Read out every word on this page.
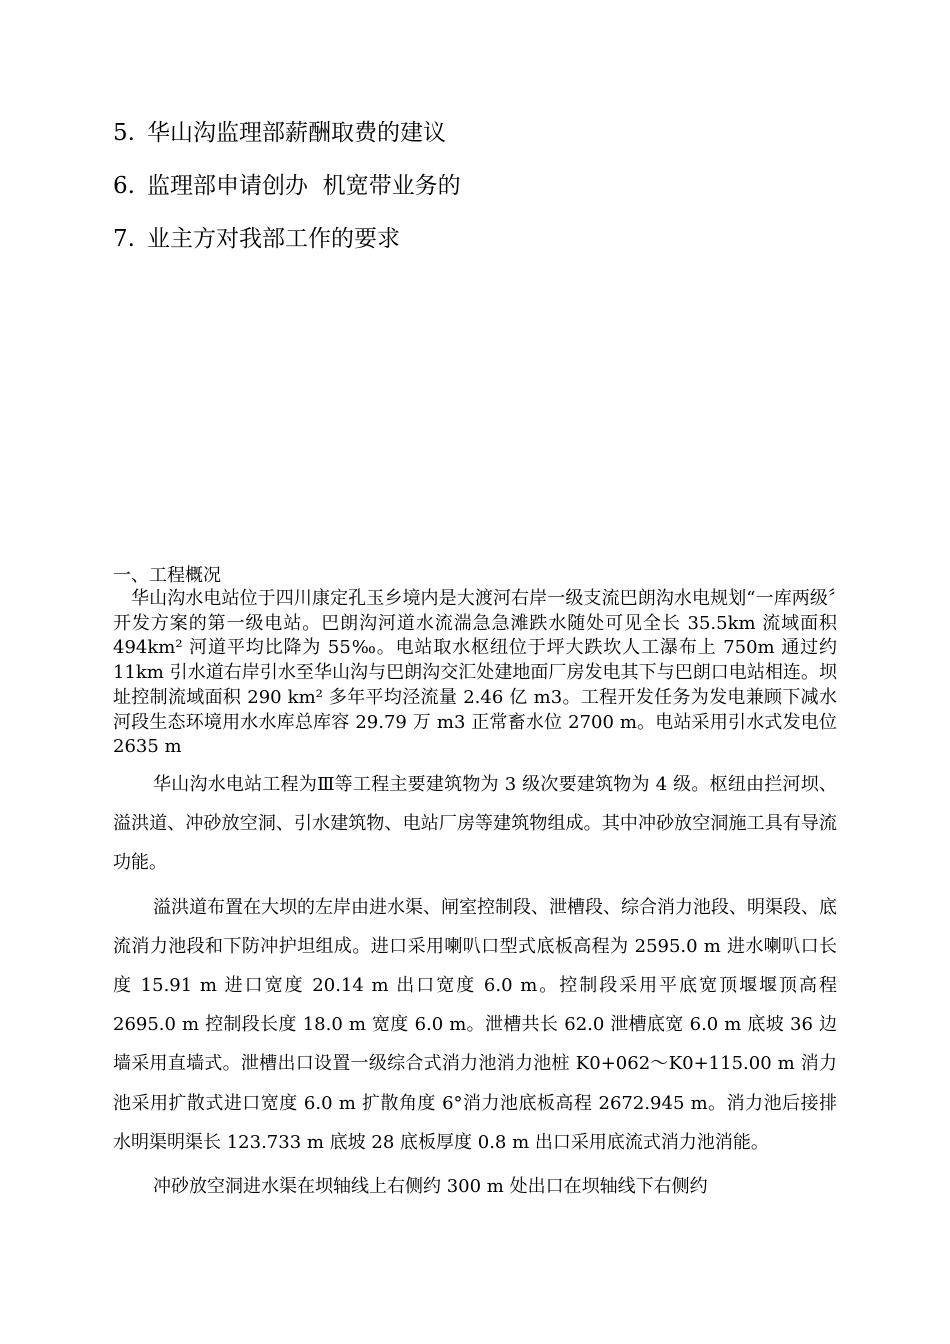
5. 华山沟监理部薪酬取费的建议
6. 监理部申请创办  机宽带业务的
7. 业主方对我部工作的要求
一、工程概况

华山沟水电站位于四川康定孔玉乡境内是大渡河右岸一级支流巴朗沟水电规划“一库两级〞开发方案的第一级电站。巴朗沟河道水流湍急急滩跌水随处可见全长 35.5km 流域面积 494km² 河道平均比降为 55‰。电站取水枢纽位于坪大跌坎人工瀑布上 750m 通过约 11km 引水道右岸引水至华山沟与巴朗沟交汇处建地面厂房发电其下与巴朗口电站相连。坝址控制流域面积 290 km² 多年平均泾流量 2.46 亿 m3。工程开发任务为发电兼顾下减水河段生态环境用水水库总库容 29.79 万 m3 正常畜水位 2700 m。电站采用引水式发电位 2635 m

华山沟水电站工程为Ⅲ等工程主要建筑物为 3 级次要建筑物为 4 级。枢纽由拦河坝、溢洪道、冲砂放空洞、引水建筑物、电站厂房等建筑物组成。其中冲砂放空洞施工具有导流功能。

溢洪道布置在大坝的左岸由进水渠、闸室控制段、泄槽段、综合消力池段、明渠段、底流消力池段和下防冲护坦组成。进口采用喇叭口型式底板高程为 2595.0 m 进水喇叭口长度 15.91 m 进口宽度 20.14 m 出口宽度 6.0 m。控制段采用平底宽顶堰堰顶高程 2695.0 m 控制段长度 18.0 m 宽度 6.0 m。泄槽共长 62.0 泄槽底宽 6.0 m 底坡 36 边墙采用直墙式。泄槽出口设置一级综合式消力池消力池桩 K0+062～K0+115.00 m 消力池采用扩散式进口宽度 6.0 m 扩散角度 6°消力池底板高程 2672.945 m。消力池后接排水明渠明渠长 123.733 m 底坡 28 底板厚度 0.8 m 出口采用底流式消力池消能。

冲砂放空洞进水渠在坝轴线上右侧约 300 m 处出口在坝轴线下右侧约
